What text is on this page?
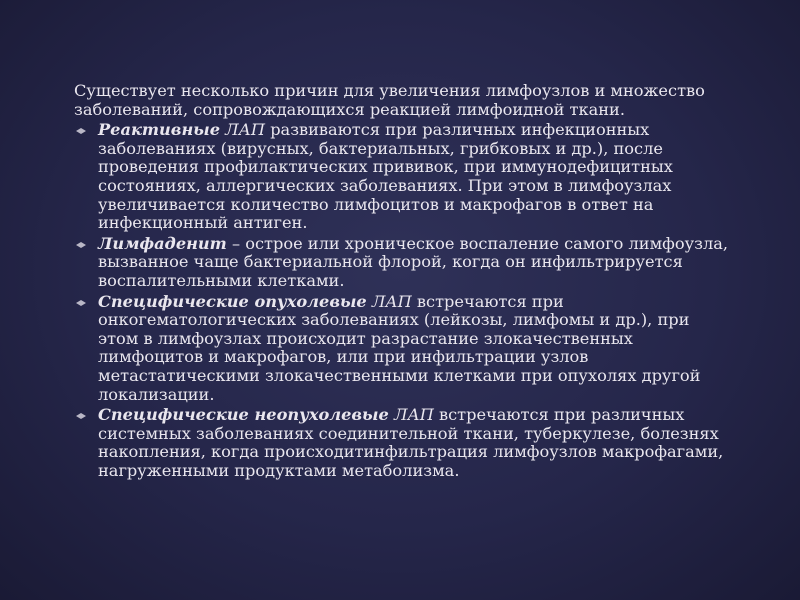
Существует несколько причин для увеличения лимфоузлов и множество заболеваний, сопровождающихся реакцией лимфоидной ткани.

Реактивные ЛАП развиваются при различных инфекционных заболеваниях (вирусных, бактериальных, грибковых и др.), после проведения профилактических прививок, при иммунодефицитных состояниях, аллергических заболеваниях. При этом в лимфоузлах увеличивается количество лимфоцитов и макрофагов в ответ на инфекционный антиген.
Лимфаденит – острое или хроническое воспаление самого лимфоузла, вызванное чаще бактериальной флорой, когда он инфильтрируется воспалительными клетками.
Специфические опухолевые ЛАП встречаются при онкогематологических заболеваниях (лейкозы, лимфомы и др.), при этом в лимфоузлах происходит разрастание злокачественных лимфоцитов и макрофагов, или при инфильтрации узлов метастатическими злокачественными клетками при опухолях другой локализации.
Специфические неопухолевые ЛАП встречаются при различных системных заболеваниях соединительной ткани, туберкулезе, болезнях накопления, когда происходитинфильтрация лимфоузлов макрофагами, нагруженными продуктами метаболизма.
